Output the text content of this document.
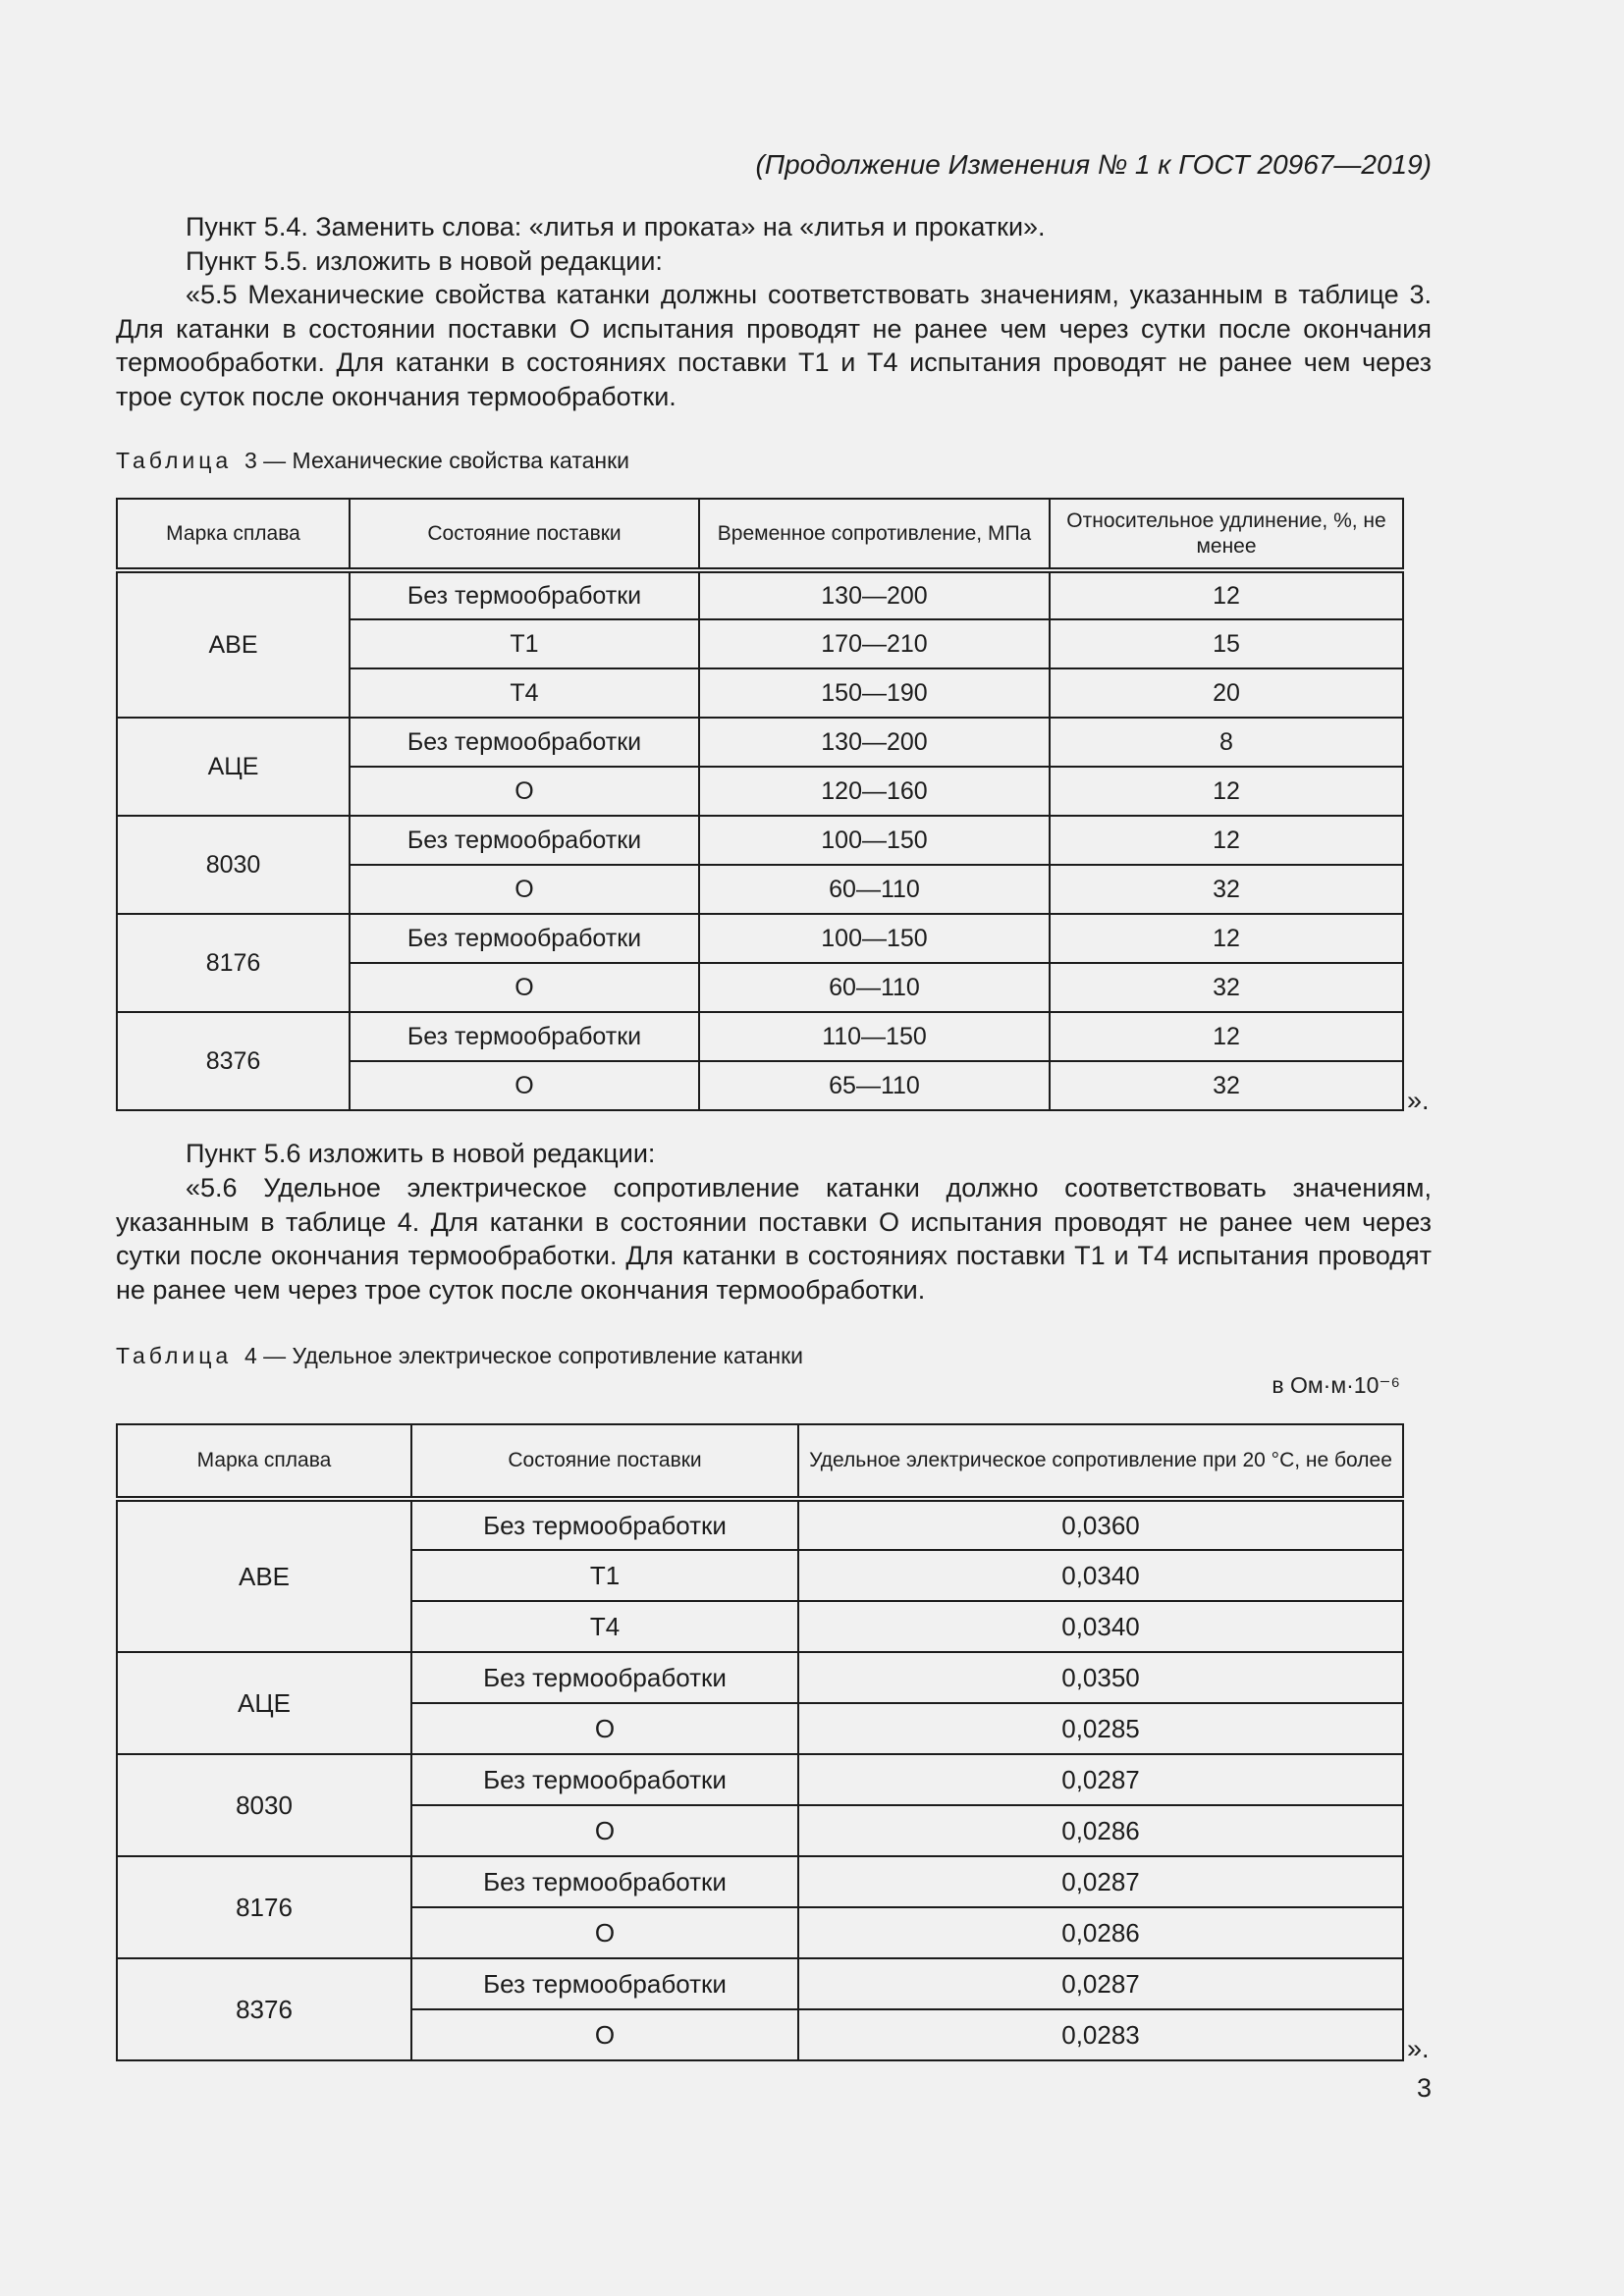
(Продолжение Изменения № 1 к ГОСТ 20967—2019)

Пункт 5.4. Заменить слова: «литья и проката» на «литья и прокатки».

Пункт 5.5. изложить в новой редакции:

«5.5 Механические свойства катанки должны соответствовать значениям, указанным в таблице 3. Для катанки в состоянии поставки О испытания проводят не ранее чем через сутки после окончания термообработки. Для катанки в состояниях поставки Т1 и Т4 испытания проводят не ранее чем через трое суток после окончания термообработки.

Таблица 3 — Механические свойства катанки
Марка сплава	Состояние поставки	Временное сопротивление, МПа	Относительное удлинение, %, не менее
АВЕ	Без термообработки	130—200	12
	Т1	170—210	15
	Т4	150—190	20
АЦЕ	Без термообработки	130—200	8
	О	120—160	12
8030	Без термообработки	100—150	12
	О	60—110	32
8176	Без термообработки	100—150	12
	О	60—110	32
8376	Без термообработки	110—150	12
	О	65—110	32	».

Пункт 5.6 изложить в новой редакции:

«5.6 Удельное электрическое сопротивление катанки должно соответствовать значениям, указанным в таблице 4. Для катанки в состоянии поставки О испытания проводят не ранее чем через сутки после окончания термообработки. Для катанки в состояниях поставки Т1 и Т4 испытания проводят не ранее чем через трое суток после окончания термообработки.

Таблица 4 — Удельное электрическое сопротивление катанки
в Ом·м·10⁻⁶
Марка сплава	Состояние поставки	Удельное электрическое сопротивление при 20 °С, не более
АВЕ	Без термообработки	0,0360
	Т1	0,0340
	Т4	0,0340
АЦЕ	Без термообработки	0,0350
	О	0,0285
8030	Без термообработки	0,0287
	О	0,0286
8176	Без термообработки	0,0287
	О	0,0286
8376	Без термообработки	0,0287
	О	0,0283	».
3
